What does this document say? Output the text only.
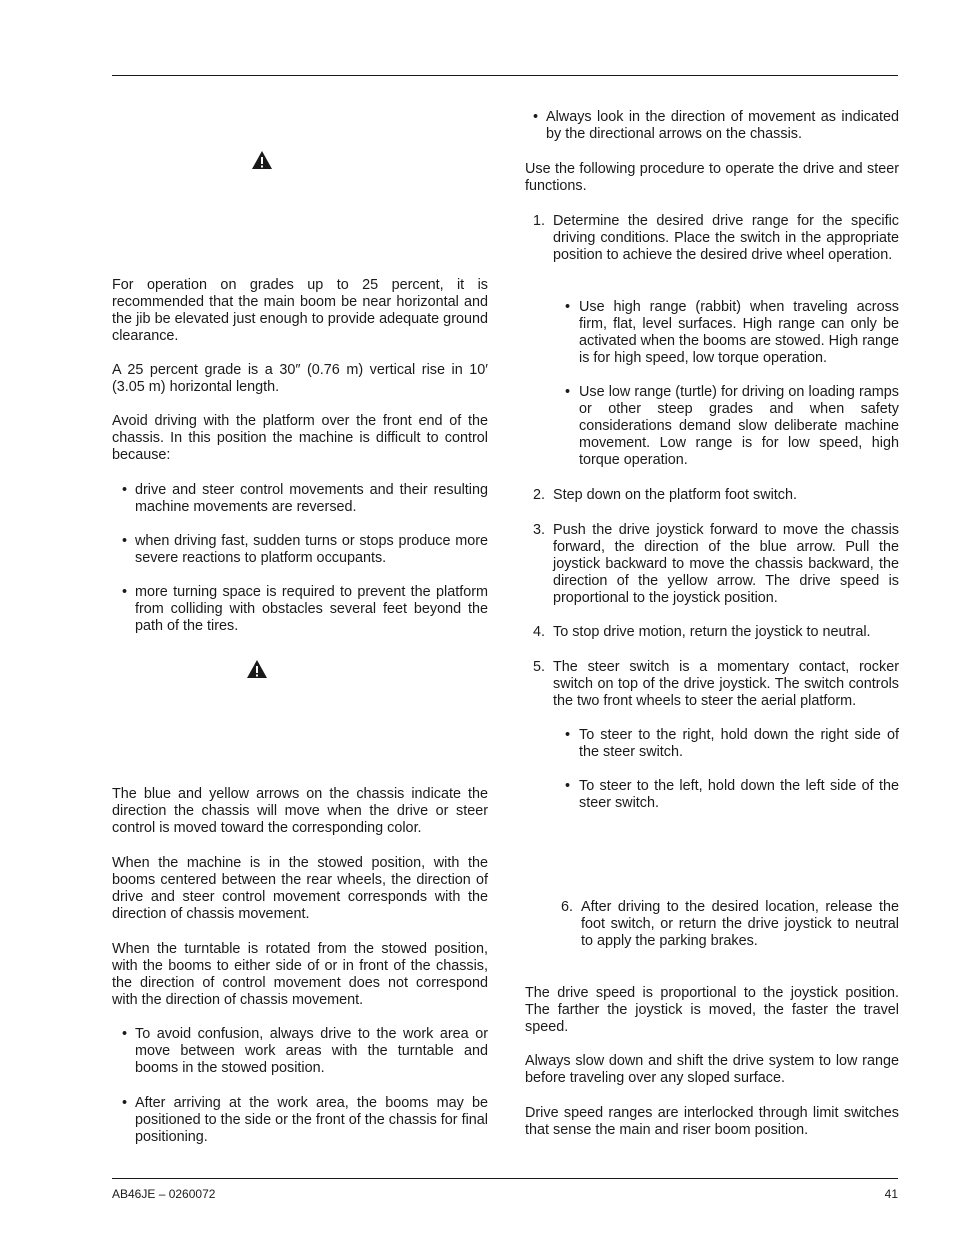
For operation on grades up to 25 percent, it is recommended that the main boom be near horizontal and the jib be elevated just enough to provide adequate ground clearance.

A 25 percent grade is a 30″ (0.76 m) vertical rise in 10′ (3.05 m) horizontal length.

Avoid driving with the platform over the front end of the chassis. In this position the machine is difficult to control because:

• drive and steer control movements and their resulting machine movements are reversed.
• when driving fast, sudden turns or stops produce more severe reactions to platform occupants.
• more turning space is required to prevent the platform from colliding with obstacles several feet beyond the path of the tires.

The blue and yellow arrows on the chassis indicate the direction the chassis will move when the drive or steer control is moved toward the corresponding color.

When the machine is in the stowed position, with the booms centered between the rear wheels, the direction of drive and steer control movement corresponds with the direction of chassis movement.

When the turntable is rotated from the stowed position, with the booms to either side of or in front of the chassis, the direction of control movement does not correspond with the direction of chassis movement.

• To avoid confusion, always drive to the work area or move between work areas with the turntable and booms in the stowed position.
• After arriving at the work area, the booms may be positioned to the side or the front of the chassis for final positioning.
• Always look in the direction of movement as indicated by the directional arrows on the chassis.

Use the following procedure to operate the drive and steer functions.

1. Determine the desired drive range for the specific driving conditions. Place the switch in the appropriate position to achieve the desired drive wheel operation.
• Use high range (rabbit) when traveling across firm, flat, level surfaces. High range can only be activated when the booms are stowed. High range is for high speed, low torque operation.
• Use low range (turtle) for driving on loading ramps or other steep grades and when safety considerations demand slow deliberate machine movement. Low range is for low speed, high torque operation.
2. Step down on the platform foot switch.
3. Push the drive joystick forward to move the chassis forward, the direction of the blue arrow. Pull the joystick backward to move the chassis backward, the direction of the yellow arrow. The drive speed is proportional to the joystick position.
4. To stop drive motion, return the joystick to neutral.
5. The steer switch is a momentary contact, rocker switch on top of the drive joystick. The switch controls the two front wheels to steer the aerial platform.
• To steer to the right, hold down the right side of the steer switch.
• To steer to the left, hold down the left side of the steer switch.
6. After driving to the desired location, release the foot switch, or return the drive joystick to neutral to apply the parking brakes.

The drive speed is proportional to the joystick position. The farther the joystick is moved, the faster the travel speed.

Always slow down and shift the drive system to low range before traveling over any sloped surface.

Drive speed ranges are interlocked through limit switches that sense the main and riser boom position.

AB46JE – 0260072	41
